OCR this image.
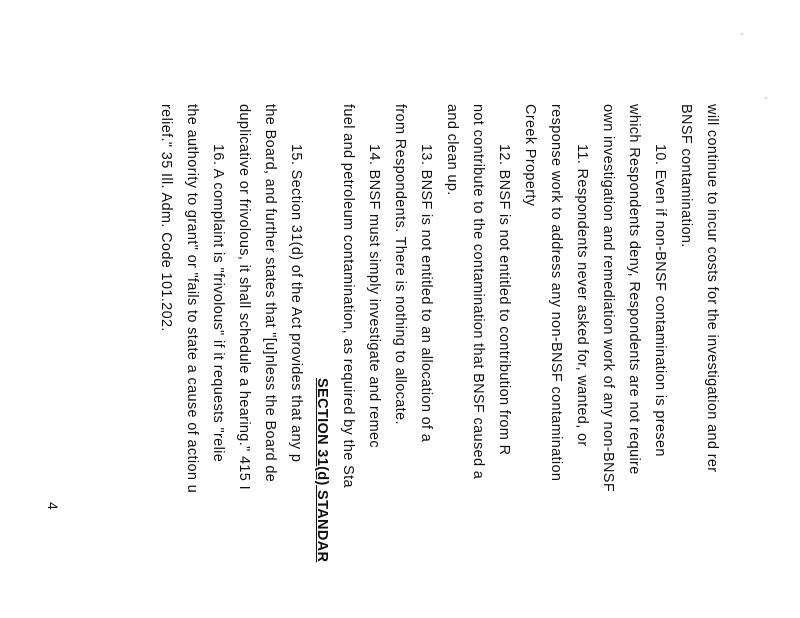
will continue to incur costs for the investigation and rer
BNSF contamination.
10. Even if non-BNSF contamination is presen
which Respondents deny, Respondents are not require
own investigation and remediation work of any non-BNSF
11. Respondents never asked for, wanted, or
response work to address any non-BNSF contamination
Creek Property
12. BNSF is not entitled to contribution from R
not contribute to the contamination that BNSF caused a
and clean up.
13. BNSF is not entitled to an allocation of a
from Respondents. There is nothing to allocate.
14. BNSF must simply investigate and remec
fuel and petroleum contamination, as required by the Sta
SECTION 31(d) STANDAR
15. Section 31(d) of the Act provides that any p
the Board, and further states that "[u]nless the Board de
duplicative or frivolous, it shall schedule a hearing." 415 I
16. A complaint is "frivolous" if it requests "relie
the authority to grant" or "fails to state a cause of action u
relief." 35 Ill. Adm. Code 101.202.
4
